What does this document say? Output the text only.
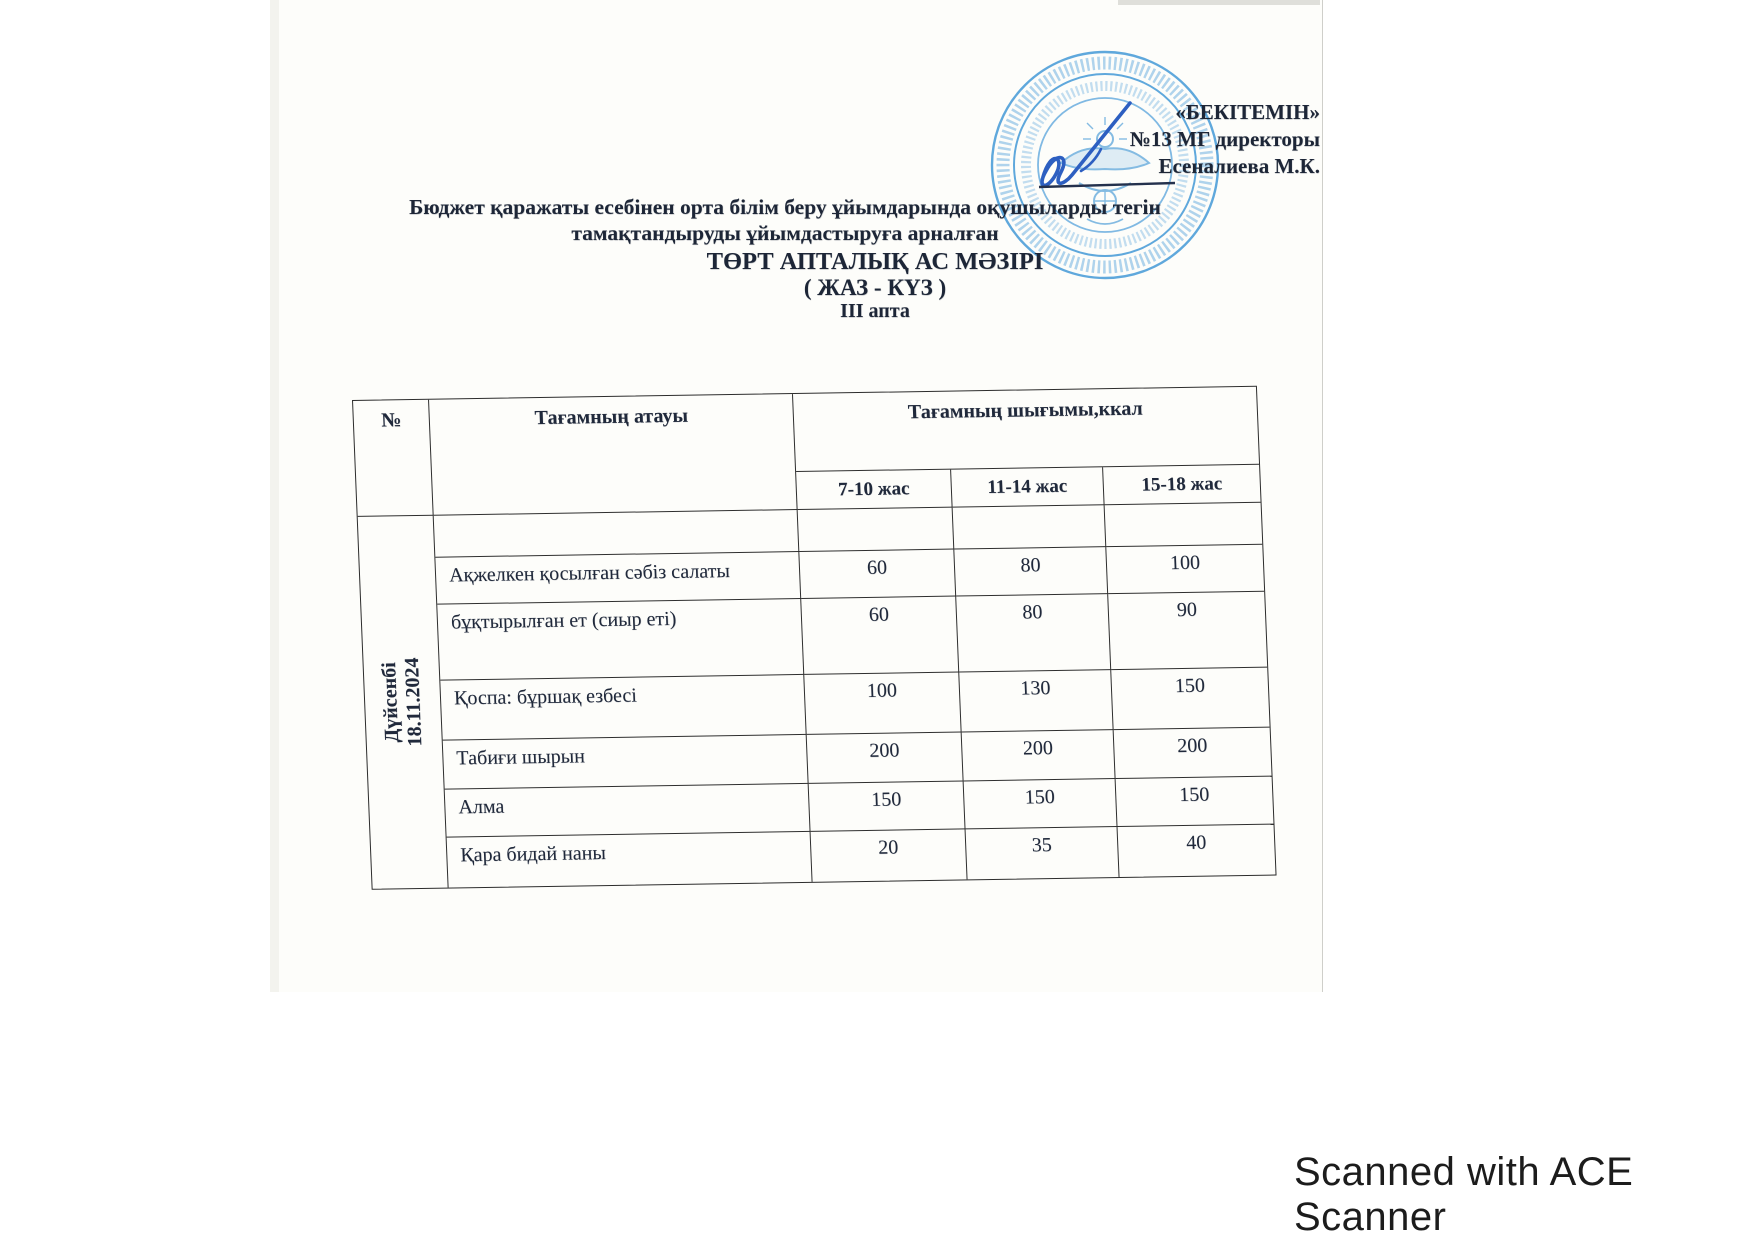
«БЕКІТЕМІН»
№13 МГ директоры
Есеналиева М.К.
Бюджет қаражаты есебінен орта білім беру ұйымдарында оқушыларды тегін
тамақтандыруды ұйымдастыруға арналған
ТӨРТ АПТАЛЫҚ АС МӘЗІРІ
( ЖАЗ - КҮЗ )
III апта
№	Тағамның атауы	Тағамның шығымы,ккал
7-10 жас	11-14 жас	15-18 жас
Дүйсенбі
18.11.2024
Ақжелкен қосылған сәбіз салаты	60	80	100
бұқтырылған ет (сиыр еті)	60	80	90
Қоспа: бұршақ езбесі	100	130	150
Табиғи шырын	200	200	200
Алма	150	150	150
Қара бидай наны	20	35	40
Scanned with ACE Scanner
